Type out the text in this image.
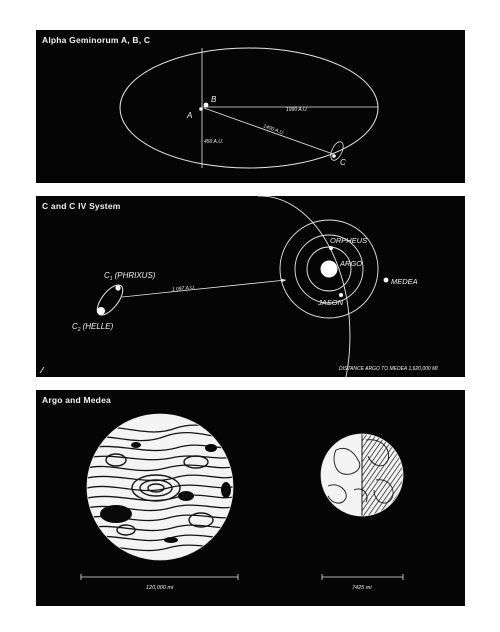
Alpha Geminorum A, B, C
A
B
C
1990 A.U.
1400 A.U.
450 A.U.
C and C IV System
$C_1$ (PHRIXUS)
$C_2$ (HELLE)
1 097 A.U.
ORPHEUS
ARGO
JASON
MEDEA
DISTANCE ARGO TO MEDEA 1,620,000 MI
Argo and Medea
120,000 mi	7425 mi
